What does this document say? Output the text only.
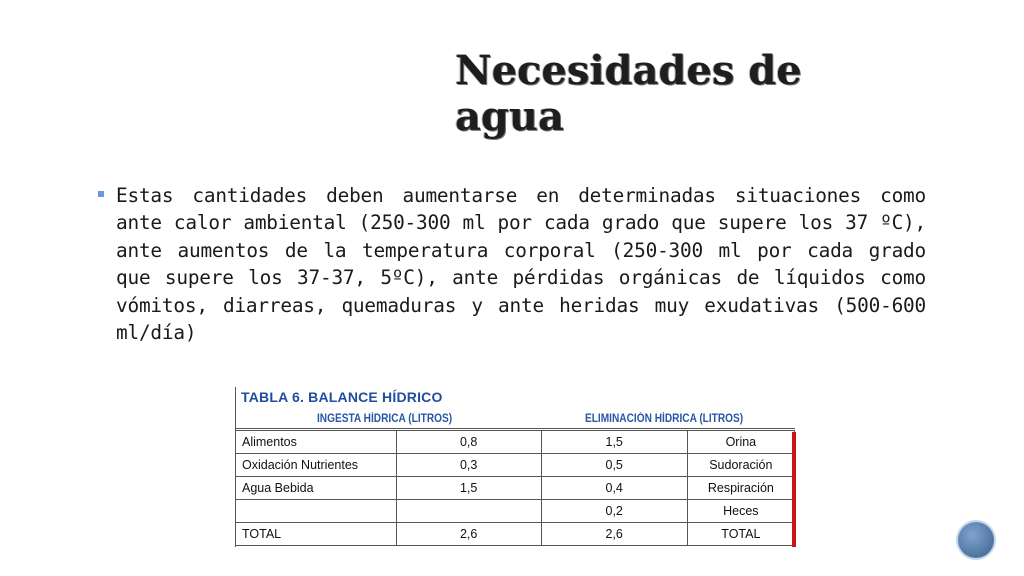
Necesidades de
agua
Estas cantidades deben aumentarse en determinadas situaciones como ante calor ambiental (250-300 ml por cada grado que supere los 37 ºC), ante aumentos de la temperatura corporal (250-300 ml por cada grado que supere los 37-37, 5ºC), ante pérdidas orgánicas de líquidos como vómitos, diarreas, quemaduras y ante heridas muy exudativas (500-600 ml/día)
TABLA 6. BALANCE HÍDRICO
INGESTA HÍDRICA (LITROS)	ELIMINACIÓN HÍDRICA (LITROS)
Alimentos	0,8	1,5	Orina
Oxidación Nutrientes	0,3	0,5	Sudoración
Agua Bebida	1,5	0,4	Respiración
		0,2	Heces
TOTAL	2,6	2,6	TOTAL
